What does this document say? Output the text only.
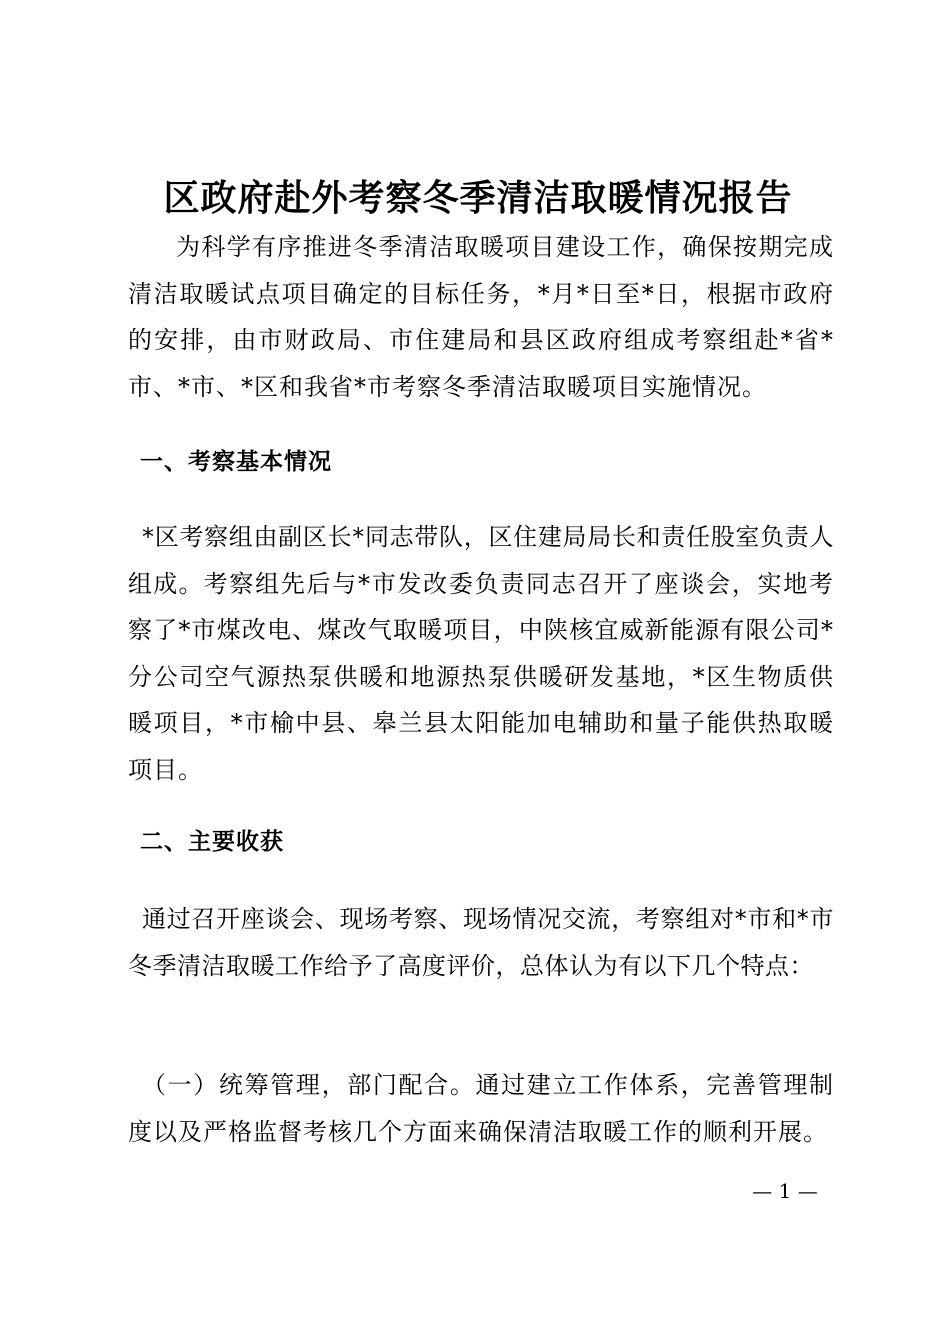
区政府赴外考察冬季清洁取暖情况报告

为科学有序推进冬季清洁取暖项目建设工作，确保按期完成清洁取暖试点项目确定的目标任务，*月*日至*日，根据市政府的安排，由市财政局、市住建局和县区政府组成考察组赴*省*市、*市、*区和我省*市考察冬季清洁取暖项目实施情况。

一、考察基本情况

*区考察组由副区长*同志带队，区住建局局长和责任股室负责人组成。考察组先后与*市发改委负责同志召开了座谈会，实地考察了*市煤改电、煤改气取暖项目，中陕核宜威新能源有限公司*分公司空气源热泵供暖和地源热泵供暖研发基地，*区生物质供暖项目，*市榆中县、皋兰县太阳能加电辅助和量子能供热取暖项目。

二、主要收获

通过召开座谈会、现场考察、现场情况交流，考察组对*市和*市冬季清洁取暖工作给予了高度评价，总体认为有以下几个特点：

（一）统筹管理，部门配合。通过建立工作体系，完善管理制度以及严格监督考核几个方面来确保清洁取暖工作的顺利开展。

— 1 —
